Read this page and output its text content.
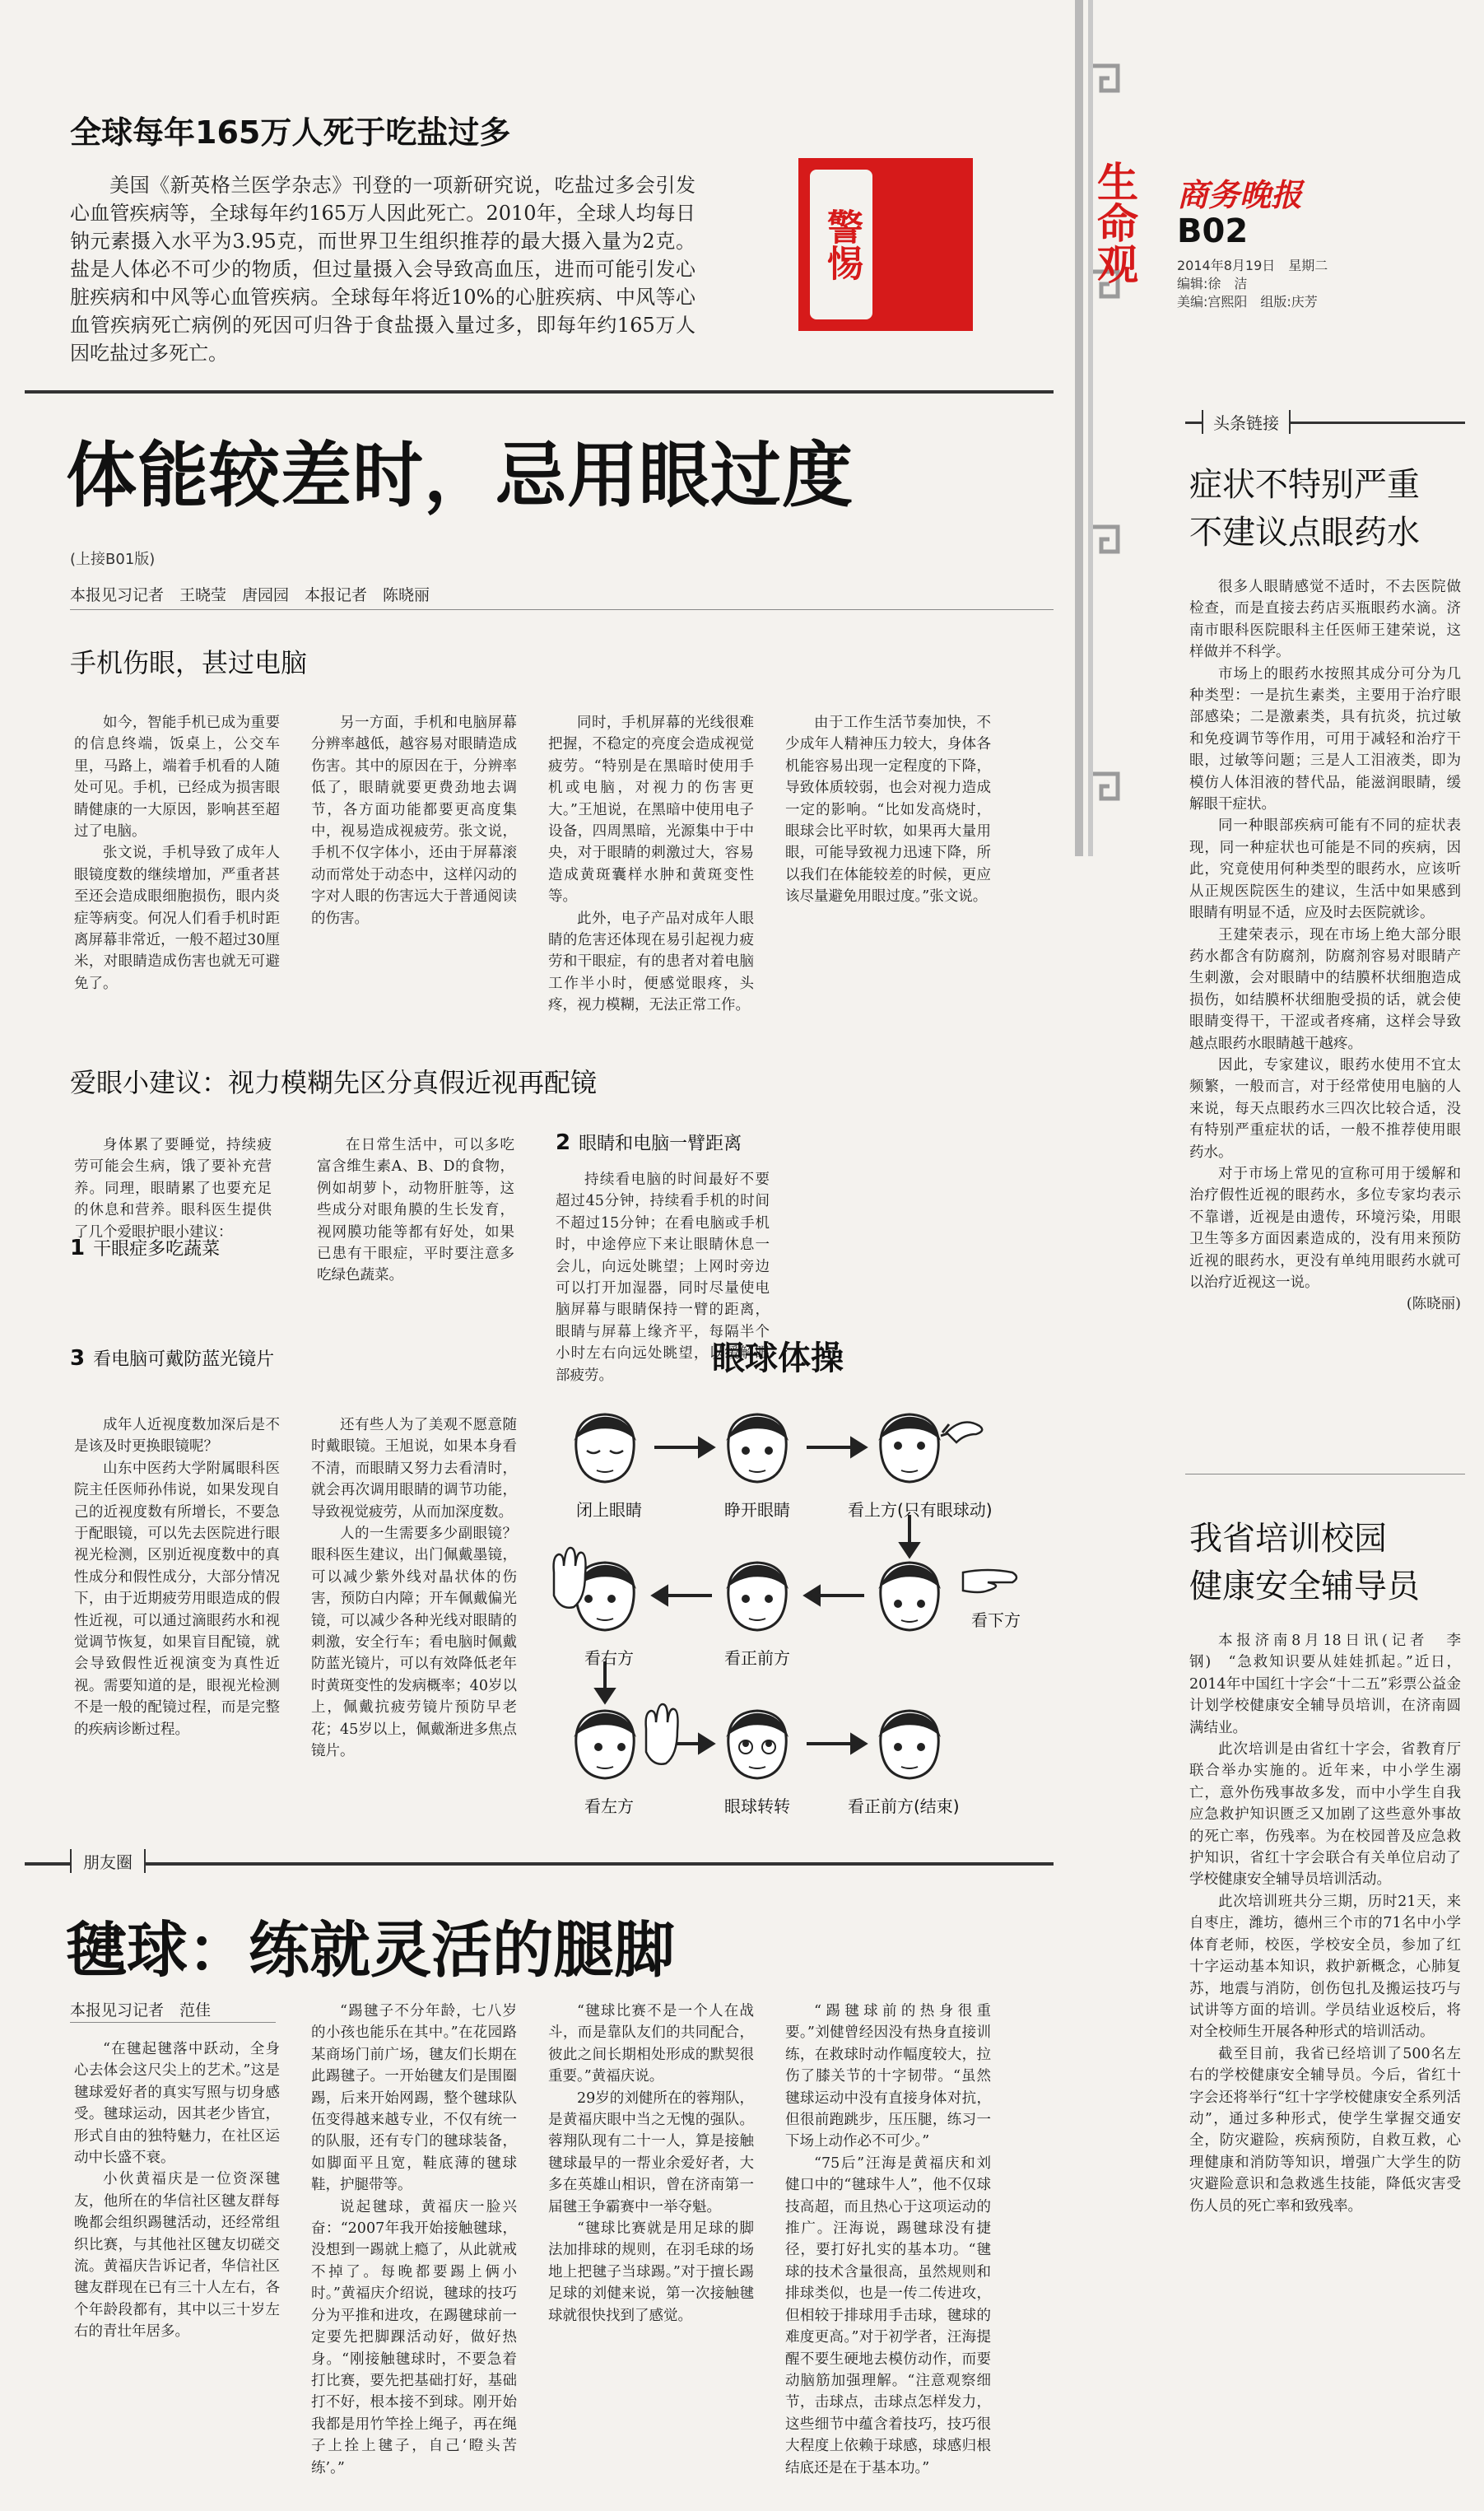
生命观 商务晚报
B02
2014年8月19日　星期二
编辑:徐　洁
美编:宫熙阳　组版:庆芳
全球每年165万人死于吃盐过多

美国《新英格兰医学杂志》刊登的一项新研究说，吃盐过多会引发心血管疾病等，全球每年约165万人因此死亡。2010年，全球人均每日钠元素摄入水平为3.95克，而世界卫生组织推荐的最大摄入量为2克。盐是人体必不可少的物质，但过量摄入会导致高血压，进而可能引发心脏疾病和中风等心血管疾病。全球每年将近10%的心脏疾病、中风等心血管疾病死亡病例的死因可归咎于食盐摄入量过多，即每年约165万人因吃盐过多死亡。

警惕
体能较差时，忌用眼过度
(上接B01版)
本报见习记者　王晓莹　唐园园　本报记者　陈晓丽
手机伤眼，甚过电脑

如今，智能手机已成为重要的信息终端，饭桌上，公交车里，马路上，端着手机看的人随处可见。手机，已经成为损害眼睛健康的一大原因，影响甚至超过了电脑。

张文说，手机导致了成年人眼镜度数的继续增加，严重者甚至还会造成眼细胞损伤，眼内炎症等病变。何况人们看手机时距离屏幕非常近，一般不超过30厘米，对眼睛造成伤害也就无可避免了。

另一方面，手机和电脑屏幕分辨率越低，越容易对眼睛造成伤害。其中的原因在于，分辨率低了，眼睛就要更费劲地去调节，各方面功能都要更高度集中，视易造成视疲劳。张文说，手机不仅字体小，还由于屏幕滚动而常处于动态中，这样闪动的字对人眼的伤害远大于普通阅读的伤害。

同时，手机屏幕的光线很难把握，不稳定的亮度会造成视觉疲劳。“特别是在黑暗时使用手机或电脑，对视力的伤害更大。”王旭说，在黑暗中使用电子设备，四周黑暗，光源集中于中央，对于眼睛的刺激过大，容易造成黄斑囊样水肿和黄斑变性等。

此外，电子产品对成年人眼睛的危害还体现在易引起视力疲劳和干眼症，有的患者对着电脑工作半小时，便感觉眼疼，头疼，视力模糊，无法正常工作。

由于工作生活节奏加快，不少成年人精神压力较大，身体各机能容易出现一定程度的下降，导致体质较弱，也会对视力造成一定的影响。“比如发高烧时，眼球会比平时软，如果再大量用眼，可能导致视力迅速下降，所以我们在体能较差的时候，更应该尽量避免用眼过度。”张文说。

爱眼小建议：视力模糊先区分真假近视再配镜

身体累了要睡觉，持续疲劳可能会生病，饿了要补充营养。同理，眼睛累了也要充足的休息和营养。眼科医生提供了几个爱眼护眼小建议：

1 干眼症多吃蔬菜

在日常生活中，可以多吃富含维生素A、B、D的食物，例如胡萝卜，动物肝脏等，这些成分对眼角膜的生长发育，视网膜功能等都有好处，如果已患有干眼症，平时要注意多吃绿色蔬菜。

2 眼睛和电脑一臂距离

持续看电脑的时间最好不要超过45分钟，持续看手机的时间不超过15分钟；在看电脑或手机时，中途停应下来让眼睛休息一会儿，向远处眺望；上网时旁边可以打开加湿器，同时尽量使电脑屏幕与眼睛保持一臂的距离，眼睛与屏幕上缘齐平，每隔半个小时左右向远处眺望，以缓解眼部疲劳。

3 看电脑可戴防蓝光镜片

成年人近视度数加深后是不是该及时更换眼镜呢？

山东中医药大学附属眼科医院主任医师孙伟说，如果发现自己的近视度数有所增长，不要急于配眼镜，可以先去医院进行眼视光检测，区别近视度数中的真性成分和假性成分，大部分情况下，由于近期疲劳用眼造成的假性近视，可以通过滴眼药水和视觉调节恢复，如果盲目配镜，就会导致假性近视演变为真性近视。需要知道的是，眼视光检测不是一般的配镜过程，而是完整的疾病诊断过程。

还有些人为了美观不愿意随时戴眼镜。王旭说，如果本身看不清，而眼睛又努力去看清时，就会再次调用眼睛的调节功能，导致视觉疲劳，从而加深度数。

人的一生需要多少副眼镜？眼科医生建议，出门佩戴墨镜，可以减少紫外线对晶状体的伤害，预防白内障；开车佩戴偏光镜，可以减少各种光线对眼睛的刺激，安全行车；看电脑时佩戴防蓝光镜片，可以有效降低老年时黄斑变性的发病概率；40岁以上，佩戴抗疲劳镜片预防早老花；45岁以上，佩戴渐进多焦点镜片。

眼球体操
闭上眼睛	睁开眼睛	看上方(只有眼球动)
看下方
看正前方
看右方
看左方	眼球转转	看正前方(结束)
朋友圈
毽球：练就灵活的腿脚
本报见习记者　范佳

“在毽起毽落中跃动，全身心去体会这尺尖上的艺术。”这是毽球爱好者的真实写照与切身感受。毽球运动，因其老少皆宜，形式自由的独特魅力，在社区运动中长盛不衰。

小伙黄福庆是一位资深毽友，他所在的华信社区毽友群每晚都会组织踢毽活动，还经常组织比赛，与其他社区毽友切磋交流。黄福庆告诉记者，华信社区毽友群现在已有三十人左右，各个年龄段都有，其中以三十岁左右的青壮年居多。

“踢毽子不分年龄，七八岁的小孩也能乐在其中。”在花园路某商场门前广场，毽友们长期在此踢毽子。一开始毽友们是围圈踢，后来开始网踢，整个毽球队伍变得越来越专业，不仅有统一的队服，还有专门的毽球装备，如脚面平且宽，鞋底薄的毽球鞋，护腿带等。

说起毽球，黄福庆一脸兴奋：“2007年我开始接触毽球，没想到一踢就上瘾了，从此就戒不掉了。每晚都要踢上俩小时。”黄福庆介绍说，毽球的技巧分为平推和进攻，在踢毽球前一定要先把脚踝活动好，做好热身。“刚接触毽球时，不要急着打比赛，要先把基础打好，基础打不好，根本接不到球。刚开始我都是用竹竿拴上绳子，再在绳子上拴上毽子，自己‘瞪头苦练’。”

“毽球比赛不是一个人在战斗，而是靠队友们的共同配合，彼此之间长期相处形成的默契很重要。”黄福庆说。

29岁的刘健所在的蓉翔队，是黄福庆眼中当之无愧的强队。蓉翔队现有二十一人，算是接触毽球最早的一帮业余爱好者，大多在英雄山相识，曾在济南第一届毽王争霸赛中一举夺魁。

“毽球比赛就是用足球的脚法加排球的规则，在羽毛球的场地上把毽子当球踢。”对于擅长踢足球的刘健来说，第一次接触毽球就很快找到了感觉。

“踢毽球前的热身很重要。”刘健曾经因没有热身直接训练，在救球时动作幅度较大，拉伤了膝关节的十字韧带。“虽然毽球运动中没有直接身体对抗，但很前跑跳步，压压腿，练习一下场上动作必不可少。”

“75后”汪海是黄福庆和刘健口中的“毽球牛人”，他不仅球技高超，而且热心于这项运动的推广。汪海说，踢毽球没有捷径，要打好扎实的基本功。“毽球的技术含量很高，虽然规则和排球类似，也是一传二传进攻，但相较于排球用手击球，毽球的难度更高。”对于初学者，汪海提醒不要生硬地去模仿动作，而要动脑筋加强理解。“注意观察细节，击球点，击球点怎样发力，这些细节中蕴含着技巧，技巧很大程度上依赖于球感，球感归根结底还是在于基本功。”

头条链接
症状不特别严重
不建议点眼药水

很多人眼睛感觉不适时，不去医院做检查，而是直接去药店买瓶眼药水滴。济南市眼科医院眼科主任医师王建荣说，这样做并不科学。

市场上的眼药水按照其成分可分为几种类型：一是抗生素类，主要用于治疗眼部感染；二是激素类，具有抗炎，抗过敏和免疫调节等作用，可用于减轻和治疗干眼，过敏等问题；三是人工泪液类，即为模仿人体泪液的替代品，能滋润眼睛，缓解眼干症状。

同一种眼部疾病可能有不同的症状表现，同一种症状也可能是不同的疾病，因此，究竟使用何种类型的眼药水，应该听从正规医院医生的建议，生活中如果感到眼睛有明显不适，应及时去医院就诊。

王建荣表示，现在市场上绝大部分眼药水都含有防腐剂，防腐剂容易对眼睛产生刺激，会对眼睛中的结膜杯状细胞造成损伤，如结膜杯状细胞受损的话，就会使眼睛变得干，干涩或者疼痛，这样会导致越点眼药水眼睛越干越疼。

因此，专家建议，眼药水使用不宜太频繁，一般而言，对于经常使用电脑的人来说，每天点眼药水三四次比较合适，没有特别严重症状的话，一般不推荐使用眼药水。

对于市场上常见的宣称可用于缓解和治疗假性近视的眼药水，多位专家均表示不靠谱，近视是由遗传，环境污染，用眼卫生等多方面因素造成的，没有用来预防近视的眼药水，更没有单纯用眼药水就可以治疗近视这一说。

(陈晓丽)
我省培训校园
健康安全辅导员

本报济南8月18日讯(记者　李钢)　“急救知识要从娃娃抓起。”近日，2014年中国红十字会“十二五”彩票公益金计划学校健康安全辅导员培训，在济南圆满结业。

此次培训是由省红十字会，省教育厅联合举办实施的。近年来，中小学生溺亡，意外伤残事故多发，而中小学生自我应急救护知识匮乏又加剧了这些意外事故的死亡率，伤残率。为在校园普及应急救护知识，省红十字会联合有关单位启动了学校健康安全辅导员培训活动。

此次培训班共分三期，历时21天，来自枣庄，潍坊，德州三个市的71名中小学体育老师，校医，学校安全员，参加了红十字运动基本知识，救护新概念，心肺复苏，地震与消防，创伤包扎及搬运技巧与试讲等方面的培训。学员结业返校后，将对全校师生开展各种形式的培训活动。

截至目前，我省已经培训了500名左右的学校健康安全辅导员。今后，省红十字会还将举行“红十字学校健康安全系列活动”，通过多种形式，使学生掌握交通安全，防灾避险，疾病预防，自救互救，心理健康和消防等知识，增强广大学生的防灾避险意识和急救逃生技能，降低灾害受伤人员的死亡率和致残率。
